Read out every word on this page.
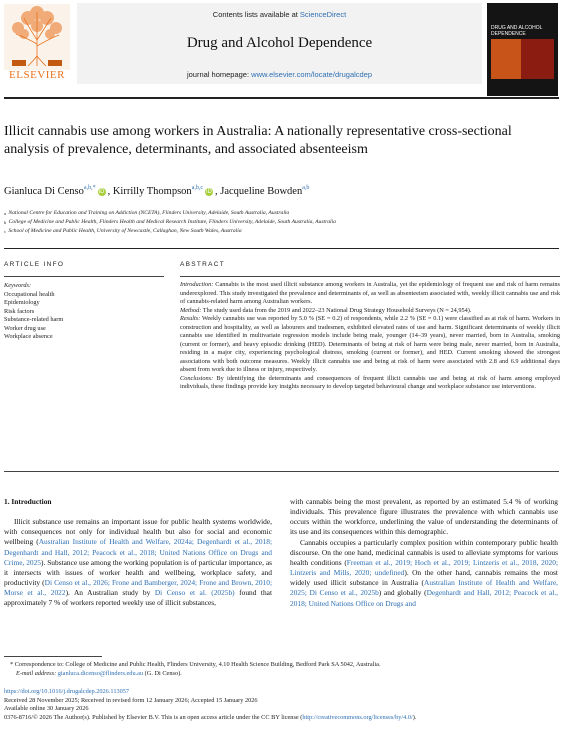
ELSEVIER
Contents lists available at ScienceDirect
Drug and Alcohol Dependence
journal homepage: www.elsevier.com/locate/drugalcdep
DRUG AND ALCOHOL DEPENDENCE
Illicit cannabis use among workers in Australia: A nationally representative cross-sectional analysis of prevalence, determinants, and associated absenteeism
Gianluca Di Censo$^{a,b,*}$iD , Kirrilly Thompson$^{a,b,c}$iD , Jacqueline Bowden$^{a,b}$
$^a$ National Centre for Education and Training on Addiction (NCETA), Flinders University, Adelaide, South Australia, Australia
$^b$ College of Medicine and Public Health, Flinders Health and Medical Research Institute, Flinders University, Adelaide, South Australia, Australia
$^c$ School of Medicine and Public Health, University of Newcastle, Callaghan, New South Wales, Australia
ARTICLE INFO
Keywords:
Occupational health
Epidemiology
Risk factors
Substance-related harm
Worker drug use
Workplace absence
ABSTRACT

Introduction: Cannabis is the most used illicit substance among workers in Australia, yet the epidemiology of frequent use and risk of harm remains underexplored. This study investigated the prevalence and determinants of, as well as absenteeism associated with, weekly illicit cannabis use and risk of cannabis-related harm among Australian workers.

Method: The study used data from the 2019 and 2022–23 National Drug Strategy Household Surveys (N = 24,954).

Results: Weekly cannabis use was reported by 5.0 % (SE = 0.2) of respondents, while 2.2 % (SE = 0.1) were classified as at risk of harm. Workers in construction and hospitality, as well as labourers and tradesmen, exhibited elevated rates of use and harm. Significant determinants of weekly illicit cannabis use identified in multivariate regression models include being male, younger (14–39 years), never married, born in Australia, smoking (current or former), and heavy episodic drinking (HED). Determinants of being at risk of harm were being male, never married, born in Australia, residing in a major city, experiencing psychological distress, smoking (current or former), and HED. Current smoking showed the strongest associations with both outcome measures. Weekly illicit cannabis use and being at risk of harm were associated with 2.8 and 6.9 additional days absent from work due to illness or injury, respectively.

Conclusions: By identifying the determinants and consequences of frequent illicit cannabis use and being at risk of harm among employed individuals, these findings provide key insights necessary to develop targeted behavioural change and workplace substance use interventions.

1. Introduction

Illicit substance use remains an important issue for public health systems worldwide, with consequences not only for individual health but also for social and economic wellbeing (Australian Institute of Health and Welfare, 2024a; Degenhardt et al., 2018; Degenhardt and Hall, 2012; Peacock et al., 2018; United Nations Office on Drugs and Crime, 2025). Substance use among the working population is of particular importance, as it intersects with issues of worker health and wellbeing, workplace safety, and productivity (Di Censo et al., 2026; Frone and Bamberger, 2024; Frone and Brown, 2010; Morse et al., 2022). An Australian study by Di Censo et al. (2025b) found that approximately 7 % of workers reported weekly use of illicit substances,

with cannabis being the most prevalent, as reported by an estimated 5.4 % of working individuals. This prevalence figure illustrates the prevalence with which cannabis use occurs within the workforce, underlining the value of understanding the determinants of its use and its consequences within this demographic.

Cannabis occupies a particularly complex position within contemporary public health discourse. On the one hand, medicinal cannabis is used to alleviate symptoms for various health conditions (Freeman et al., 2019; Hoch et al., 2019; Lintzeris et al., 2018, 2020; Lintzeris and Mills, 2020; undefined). On the other hand, cannabis remains the most widely used illicit substance in Australia (Australian Institute of Health and Welfare, 2025; Di Censo et al., 2025b) and globally (Degenhardt and Hall, 2012; Peacock et al., 2018; United Nations Office on Drugs and

* Correspondence to: College of Medicine and Public Health, Flinders University, 4.10 Health Science Building, Bedford Park SA 5042, Australia.
E-mail address: gianluca.dicenso@flinders.edu.au (G. Di Censo).
https://doi.org/10.1016/j.drugalcdep.2026.113057
Received 28 November 2025; Received in revised form 12 January 2026; Accepted 15 January 2026
Available online 30 January 2026
0376-8716/© 2026 The Author(s). Published by Elsevier B.V. This is an open access article under the CC BY license (http://creativecommons.org/licenses/by/4.0/).
